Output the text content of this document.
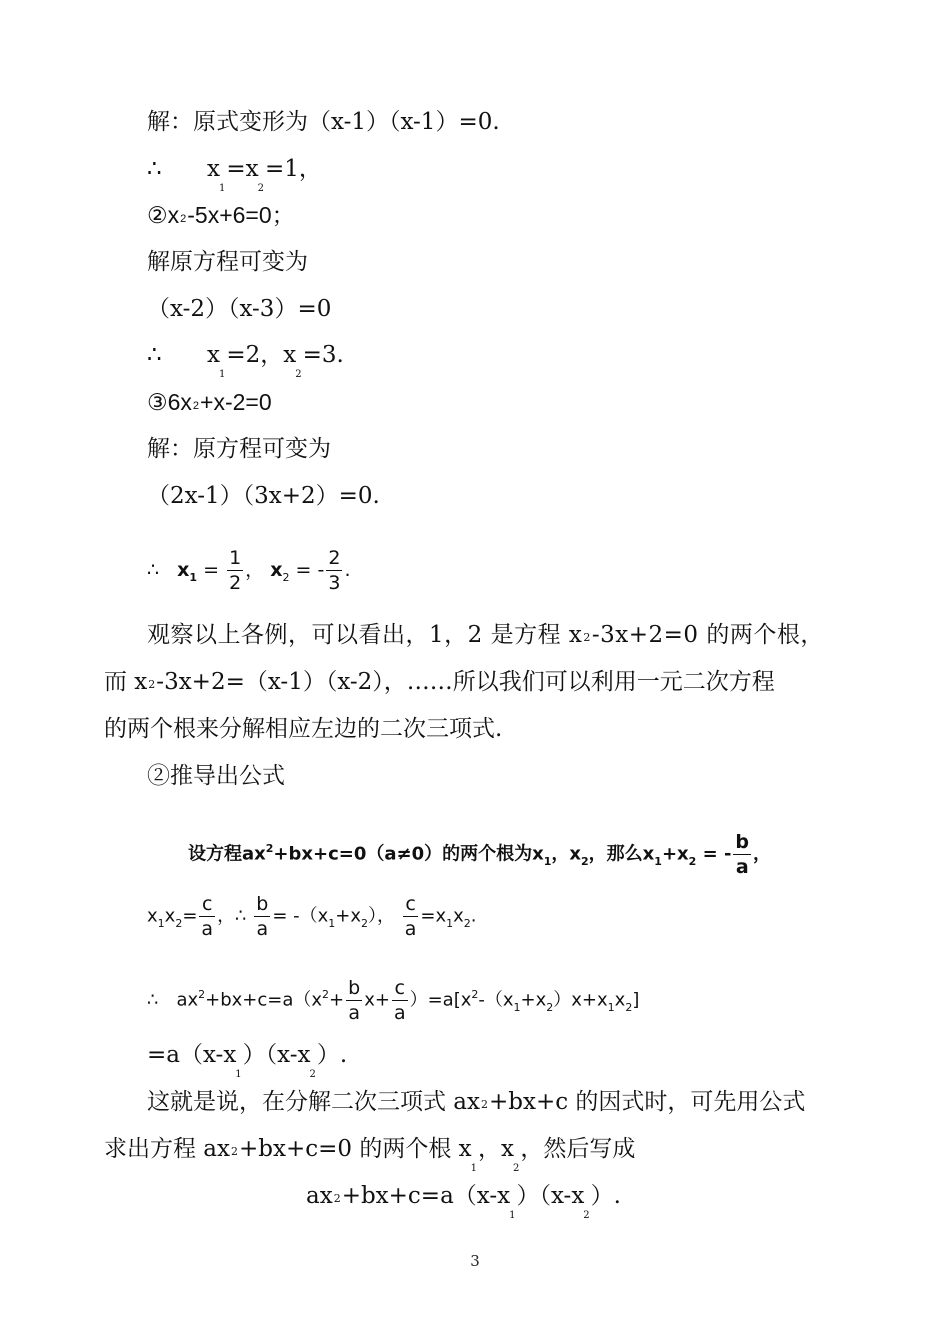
解：原式变形为（x-1）（x-1）=0.
∴ $x_1=x_2=1$，
②x2-5x+6=0；
解原方程可变为
（x-2）（x-3）=0
∴ $x_1=2$，$x_2=3$.
③6x2+x-2=0
解：原方程可变为
（2x-1）（3x+2）=0.
∴ $x_1 = \frac{1}{2}$ ， $x_2$ = - $\frac{2}{3}$ .
观察以上各例，可以看出，1，2 是方程 x2-3x+2=0 的两个根，
而 x2-3x+2=（x-1）（x-2），……所以我们可以利用一元二次方程
的两个根来分解相应左边的二次三项式.
②推导出公式
设方程$ax^2+bx+c=0(a\ne 0)$的两个根为$x_1$，$x_2$，那么$x_1+x_2$ = - $\frac{b}{a}$ ，
$x_1x_2= \frac{c}{a}$ ，∴ $\frac{b}{a} = -(x_1+x_2)$， $\frac{c}{a} =x_1x_2$.
∴ $ax^2+bx+c=a(x^2+ \frac{b}{a} x+ \frac{c}{a} )=a[x^2-(x_1+x_2)x+x_1x_2]$
$=a(x-x_1)(x-x_2)$.
这就是说，在分解二次三项式 ax2+bx+c 的因式时，可先用公式
求出方程 ax2+bx+c=0 的两个根 $x_1$，$x_2$，然后写成
$ax2+bx+c=a(x-x_1)(x-x_2)$.
3
